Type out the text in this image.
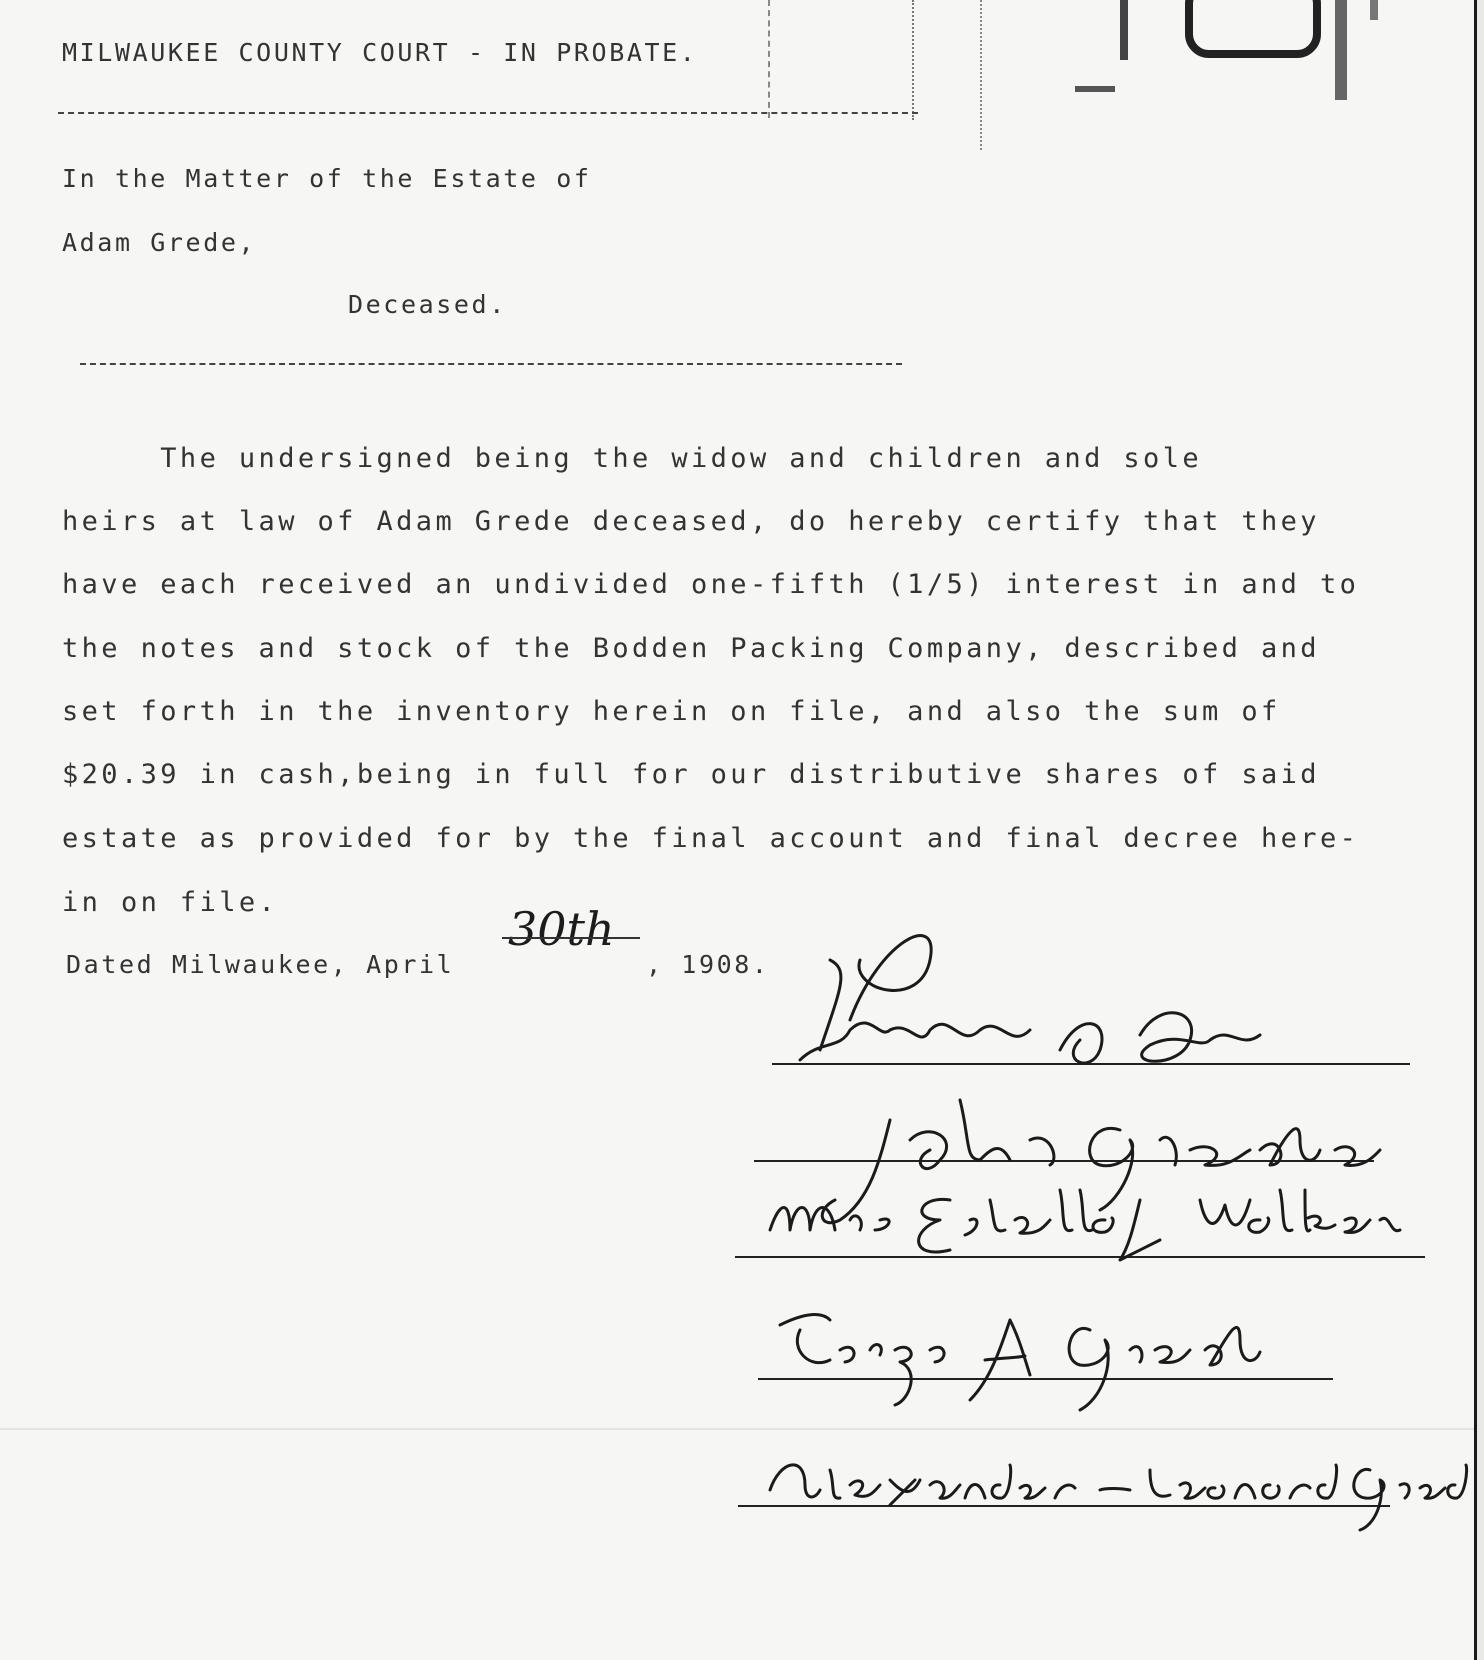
MILWAUKEE COUNTY COURT - IN PROBATE.
In the Matter of the Estate of
Adam Grede,
Deceased.
The undersigned being the widow and children and sole
heirs at law of Adam Grede deceased, do hereby certify that they
have each received an undivided one-fifth (1/5) interest in and to
the notes and stock of the Bodden Packing Company, described and
set forth in the inventory herein on file, and also the sum of
$20.39 in cash,being in full for our distributive shares of said
estate as provided for by the final account and final decree here-
in on file.
Dated Milwaukee, April
30th
, 1908.
